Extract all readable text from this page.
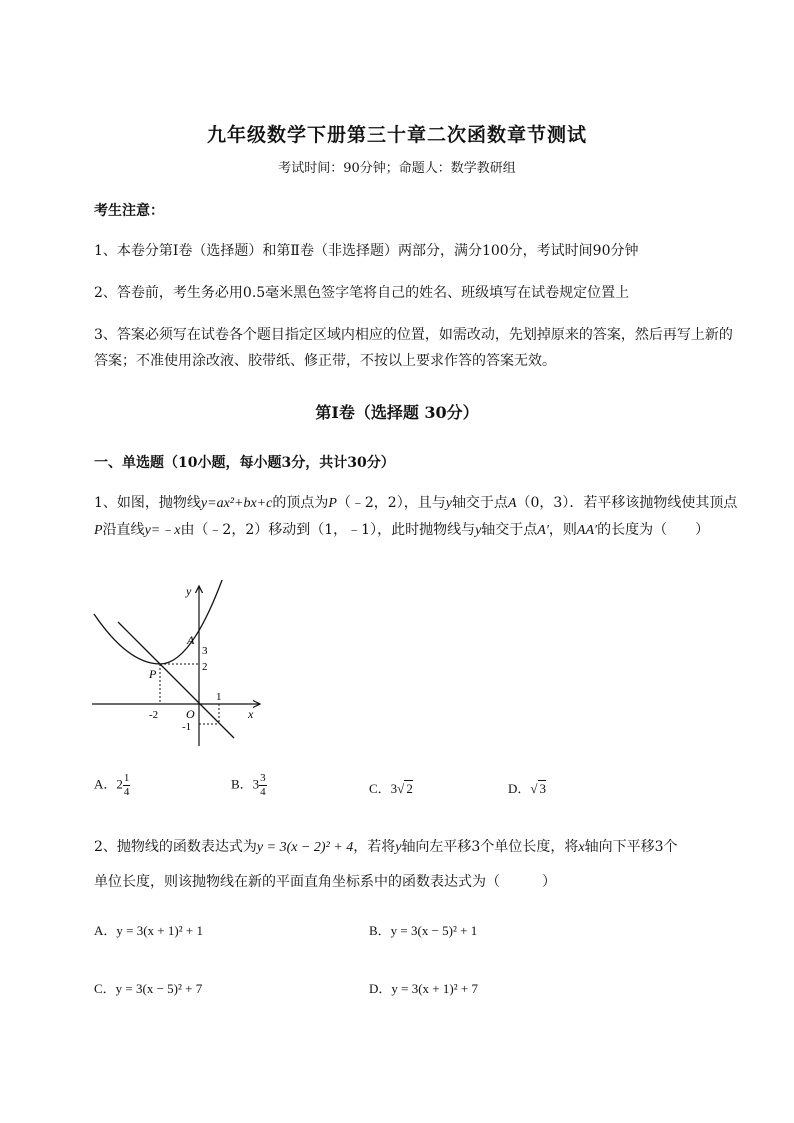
九年级数学下册第三十章二次函数章节测试
考试时间：90分钟；命题人：数学教研组
考生注意：
1、本卷分第I卷（选择题）和第Ⅱ卷（非选择题）两部分，满分100分，考试时间90分钟
2、答卷前，考生务必用0.5毫米黑色签字笔将自己的姓名、班级填写在试卷规定位置上
3、答案必须写在试卷各个题目指定区域内相应的位置，如需改动，先划掉原来的答案，然后再写上新的答案；不准使用涂改液、胶带纸、修正带，不按以上要求作答的答案无效。
第I卷（选择题 30分）
一、单选题（10小题，每小题3分，共计30分）
1、如图，抛物线y=ax²+bx+c的顶点为P（﹣2，2），且与y轴交于点A（0，3）．若平移该抛物线使其顶点P沿直线y=﹣x由（﹣2，2）移动到（1，﹣1），此时抛物线与y轴交于点A′，则AA′的长度为（　　）
y
x
O
A
P
3
2
1
-2
-1
A．$2 \frac{1}{4}$	B．$3 \frac{3}{4}$	C．3√ 2	D．√ 3
2、抛物线的函数表达式为y = 3(x − 2)² + 4，若将y轴向左平移3个单位长度，将x轴向下平移3个
单位长度，则该抛物线在新的平面直角坐标系中的函数表达式为（　　　）
A．y = 3(x + 1)² + 1	B．y = 3(x − 5)² + 1
C．y = 3(x − 5)² + 7	D．y = 3(x + 1)² + 7
